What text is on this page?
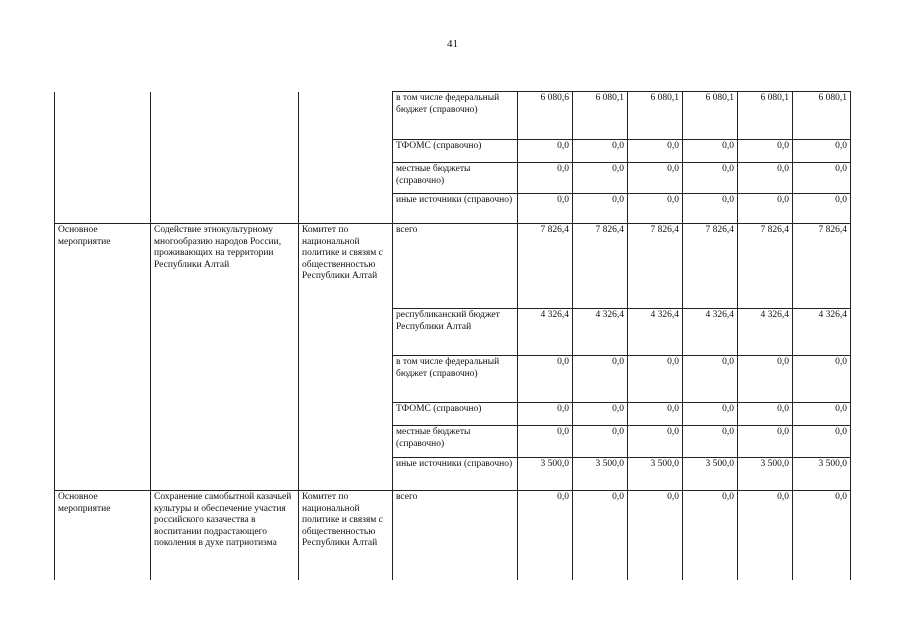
41
			в том числе федеральный бюджет (справочно)	6 080,6	6 080,1	6 080,1	6 080,1	6 080,1	6 080,1
			ТФОМС (справочно)	0,0	0,0	0,0	0,0	0,0	0,0
			местные бюджеты (справочно)	0,0	0,0	0,0	0,0	0,0	0,0
			иные источники (справочно)	0,0	0,0	0,0	0,0	0,0	0,0
Основное мероприятие	Содействие этнокультурному многообразию народов России, проживающих на территории Республики Алтай	Комитет по национальной политике и связям с общественностью Республики Алтай	всего	7 826,4	7 826,4	7 826,4	7 826,4	7 826,4	7 826,4
			республиканский бюджет Республики Алтай	4 326,4	4 326,4	4 326,4	4 326,4	4 326,4	4 326,4
			в том числе федеральный бюджет (справочно)	0,0	0,0	0,0	0,0	0,0	0,0
			ТФОМС (справочно)	0,0	0,0	0,0	0,0	0,0	0,0
			местные бюджеты (справочно)	0,0	0,0	0,0	0,0	0,0	0,0
			иные источники (справочно)	3 500,0	3 500,0	3 500,0	3 500,0	3 500,0	3 500,0
Основное мероприятие	Сохранение самобытной казачьей культуры и обеспечение участия российского казачества в воспитании подрастающего поколения в духе патриотизма	Комитет по национальной политике и связям с общественностью Республики Алтай	всего	0,0	0,0	0,0	0,0	0,0	0,0
